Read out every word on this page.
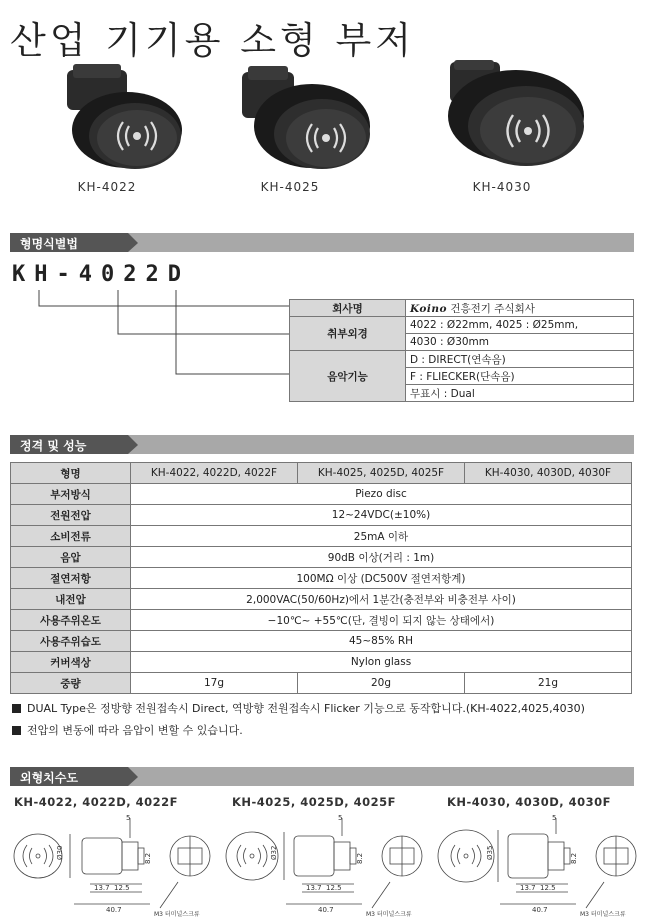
산업 기기용 소형 부저
KH-4022	KH-4025	KH-4030
형명식별법
KH-4022D
회사명	Koino 건흥전기 주식회사
취부외경	4022 : Ø22mm, 4025 : Ø25mm,
	4030 : Ø30mm
음악기능	D : DIRECT(연속음)
	F : FLIECKER(단속음)
	무표시 : Dual
정격 및 성능
형명	KH-4022, 4022D, 4022F	KH-4025, 4025D, 4025F	KH-4030, 4030D, 4030F
부저방식	Piezo disc		
전원전압	12~24VDC(±10%)		
소비전류	25mA 이하		
음압	90dB 이상(거리 : 1m)		
절연저항	100MΩ 이상 (DC500V 절연저항계)		
내전압	2,000VAC(50/60Hz)에서 1분간(충전부와 비충전부 사이)		
사용주위온도	−10℃~ +55℃(단, 결빙이 되지 않는 상태에서)		
사용주위습도	45~85% RH		
커버색상	Nylon glass		
중량	17g	20g	21g
DUAL Type은 정방향 전원접속시 Direct, 역방향 전원접속시 Flicker 기능으로 동작합니다.(KH-4022,4025,4030)
전압의 변동에 따라 음압이 변할 수 있습니다.
외형치수도
KH-4022, 4022D, 4022F	KH-4025, 4025D, 4025F	KH-4030, 4030D, 4030F
Ø30	8.2
13.7 12.5
40.7
5
M3 터미널스크류
Ø32	8.2
13.7 12.5
40.7
5
M3 터미널스크류
Ø35	8.2
13.7 12.5
40.7
5
M3 터미널스크류
